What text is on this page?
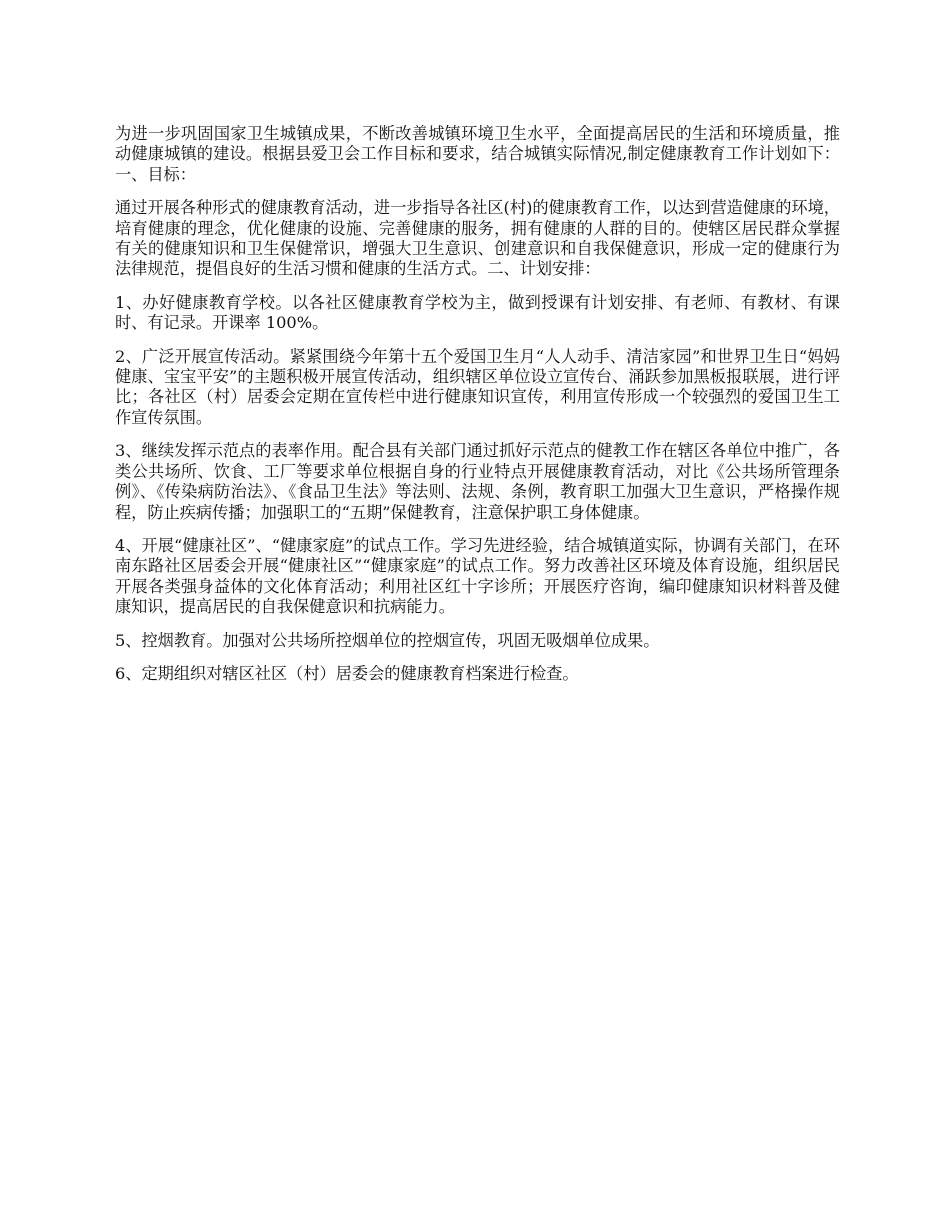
为进一步巩固国家卫生城镇成果，不断改善城镇环境卫生水平，全面提高居民的生活和环境质量，推动健康城镇的建设。根据县爱卫会工作目标和要求，结合城镇实际情况,制定健康教育工作计划如下：一、目标：

通过开展各种形式的健康教育活动，进一步指导各社区(村)的健康教育工作，以达到营造健康的环境，培育健康的理念，优化健康的设施、完善健康的服务，拥有健康的人群的目的。使辖区居民群众掌握有关的健康知识和卫生保健常识，增强大卫生意识、创建意识和自我保健意识，形成一定的健康行为法律规范，提倡良好的生活习惯和健康的生活方式。二、计划安排：

1、办好健康教育学校。以各社区健康教育学校为主，做到授课有计划安排、有老师、有教材、有课时、有记录。开课率 100%。

2、广泛开展宣传活动。紧紧围绕今年第十五个爱国卫生月“人人动手、清洁家园”和世界卫生日“妈妈健康、宝宝平安”的主题积极开展宣传活动，组织辖区单位设立宣传台、涌跃参加黑板报联展，进行评比；各社区（村）居委会定期在宣传栏中进行健康知识宣传，利用宣传形成一个较强烈的爱国卫生工作宣传氛围。

3、继续发挥示范点的表率作用。配合县有关部门通过抓好示范点的健教工作在辖区各单位中推广，各类公共场所、饮食、工厂等要求单位根据自身的行业特点开展健康教育活动，对比《公共场所管理条例》、《传染病防治法》、《食品卫生法》等法则、法规、条例，教育职工加强大卫生意识，严格操作规程，防止疾病传播；加强职工的“五期”保健教育，注意保护职工身体健康。

4、开展“健康社区”、“健康家庭”的试点工作。学习先进经验，结合城镇道实际，协调有关部门，在环南东路社区居委会开展“健康社区”“健康家庭”的试点工作。努力改善社区环境及体育设施，组织居民开展各类强身益体的文化体育活动；利用社区红十字诊所；开展医疗咨询，编印健康知识材料普及健康知识，提高居民的自我保健意识和抗病能力。

5、控烟教育。加强对公共场所控烟单位的控烟宣传，巩固无吸烟单位成果。

6、定期组织对辖区社区（村）居委会的健康教育档案进行检查。
